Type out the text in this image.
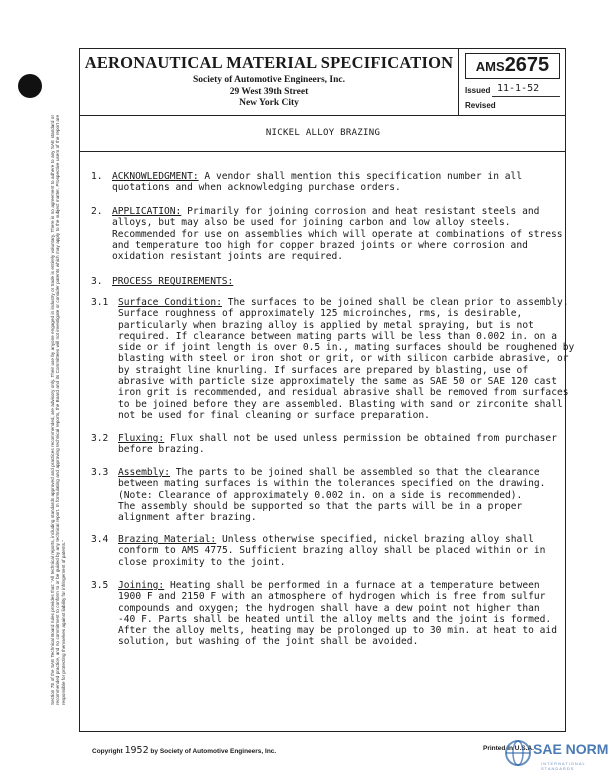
Section 7E of the SAE Technical Board rules provides that: "All technical reports, including standards approved and practices recommended, are advisory only. Their use by anyone engaged in industry or trade is entirely voluntary. There is no agreement to adhere to any SAE standard or recommended practice, and no commitment to conform to or be guided by any technical report. In formulating and approving technical reports, the Board and its Committees will not investigate or consider patents which may apply to the subject matter. Prospective users of the report are responsible for protecting themselves against liability for infringement of patents."
AERONAUTICAL MATERIAL SPECIFICATION
Society of Automotive Engineers, Inc.
29 West 39th Street
New York City
AMS 2675
Issued 11-1-52
Revised
NICKEL ALLOY BRAZING
1. ACKNOWLEDGMENT: A vendor shall mention this specification number in all
quotations and when acknowledging purchase orders.
2. APPLICATION: Primarily for joining corrosion and heat resistant steels and
alloys, but may also be used for joining carbon and low alloy steels.
Recommended for use on assemblies which will operate at combinations of stress
and temperature too high for copper brazed joints or where corrosion and
oxidation resistant joints are required.
3. PROCESS REQUIREMENTS:
3.1 Surface Condition: The surfaces to be joined shall be clean prior to assembly.
Surface roughness of approximately 125 microinches, rms, is desirable,
particularly when brazing alloy is applied by metal spraying, but is not
required. If clearance between mating parts will be less than 0.002 in. on a
side or if joint length is over 0.5 in., mating surfaces should be roughened by
blasting with steel or iron shot or grit, or with silicon carbide abrasive, or
by straight line knurling. If surfaces are prepared by blasting, use of
abrasive with particle size approximately the same as SAE 50 or SAE 120 cast
iron grit is recommended, and residual abrasive shall be removed from surfaces
to be joined before they are assembled. Blasting with sand or zirconite shall
not be used for final cleaning or surface preparation.
3.2 Fluxing: Flux shall not be used unless permission be obtained from purchaser
before brazing.
3.3 Assembly: The parts to be joined shall be assembled so that the clearance
between mating surfaces is within the tolerances specified on the drawing.
(Note: Clearance of approximately 0.002 in. on a side is recommended).
The assembly should be supported so that the parts will be in a proper
alignment after brazing.
3.4 Brazing Material: Unless otherwise specified, nickel brazing alloy shall
conform to AMS 4775. Sufficient brazing alloy shall be placed within or in
close proximity to the joint.
3.5 Joining: Heating shall be performed in a furnace at a temperature between
1900 F and 2150 F with an atmosphere of hydrogen which is free from sulfur
compounds and oxygen; the hydrogen shall have a dew point not higher than
-40 F. Parts shall be heated until the alloy melts and the joint is formed.
After the alloy melts, heating may be prolonged up to 30 min. at heat to aid
solution, but washing of the joint shall be avoided.
Copyright 1952 by Society of Automotive Engineers, Inc.	Printed in U.S.A. SAE NORM
INTERNATIONAL STANDARDS
